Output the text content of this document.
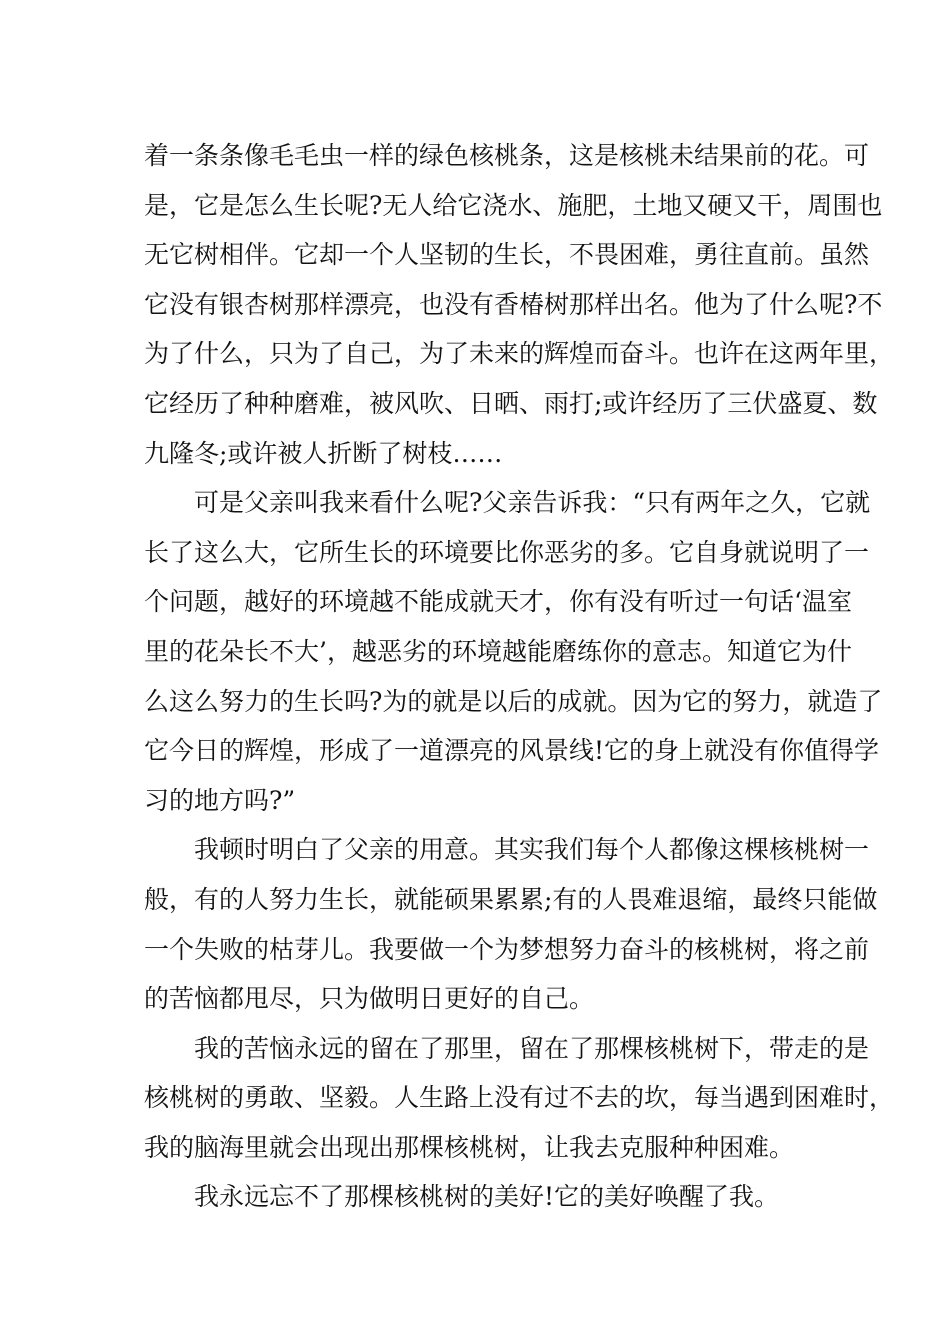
着一条条像毛毛虫一样的绿色核桃条，这是核桃未结果前的花。可
是，它是怎么生长呢?无人给它浇水、施肥，土地又硬又干，周围也
无它树相伴。它却一个人坚韧的生长，不畏困难，勇往直前。虽然
它没有银杏树那样漂亮，也没有香椿树那样出名。他为了什么呢?不
为了什么，只为了自己，为了未来的辉煌而奋斗。也许在这两年里，
它经历了种种磨难，被风吹、日晒、雨打;或许经历了三伏盛夏、数
九隆冬;或许被人折断了树枝……
可是父亲叫我来看什么呢?父亲告诉我：“只有两年之久，它就
长了这么大，它所生长的环境要比你恶劣的多。它自身就说明了一
个问题，越好的环境越不能成就天才，你有没有听过一句话‘温室
里的花朵长不大’，越恶劣的环境越能磨练你的意志。知道它为什
么这么努力的生长吗?为的就是以后的成就。因为它的努力，就造了
它今日的辉煌，形成了一道漂亮的风景线!它的身上就没有你值得学
习的地方吗?”
我顿时明白了父亲的用意。其实我们每个人都像这棵核桃树一
般，有的人努力生长，就能硕果累累;有的人畏难退缩，最终只能做
一个失败的枯芽儿。我要做一个为梦想努力奋斗的核桃树，将之前
的苦恼都甩尽，只为做明日更好的自己。
我的苦恼永远的留在了那里，留在了那棵核桃树下，带走的是
核桃树的勇敢、坚毅。人生路上没有过不去的坎，每当遇到困难时，
我的脑海里就会出现出那棵核桃树，让我去克服种种困难。
我永远忘不了那棵核桃树的美好!它的美好唤醒了我。
